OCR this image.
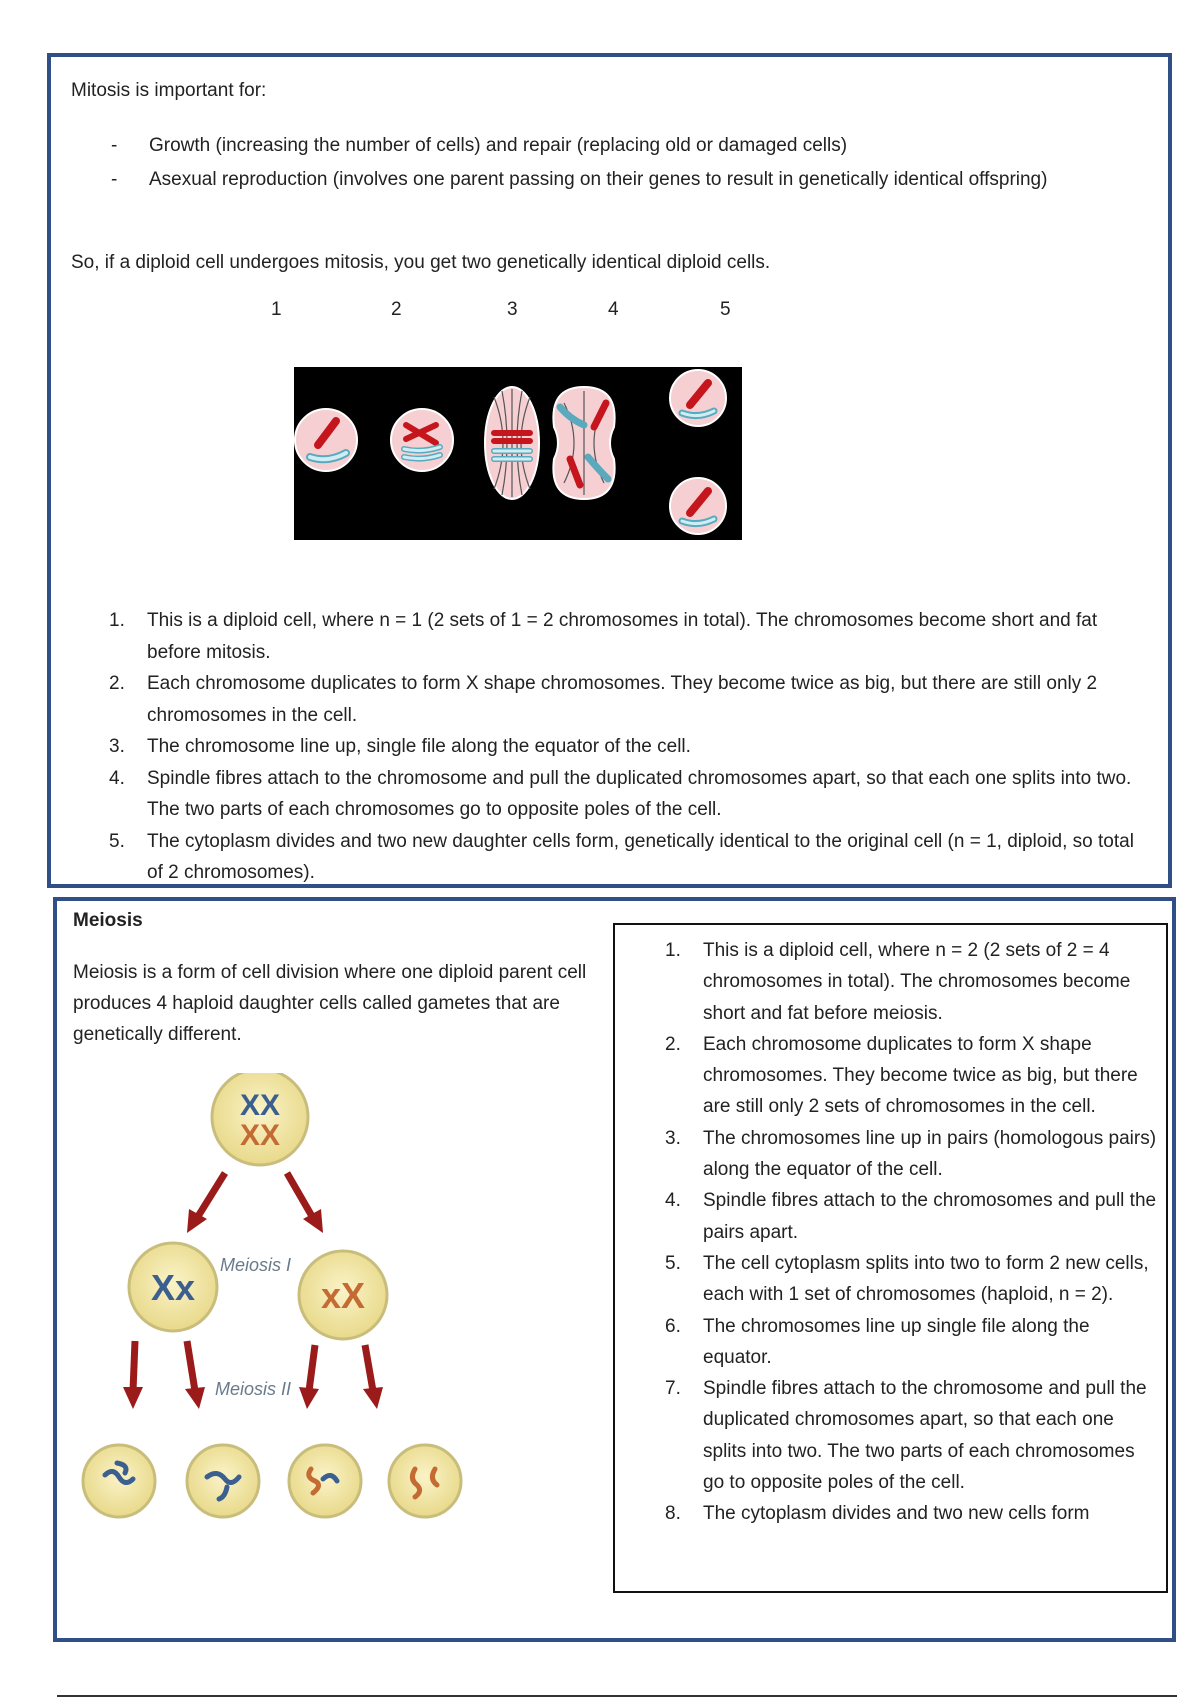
Mitosis is important for:

- Growth (increasing the number of cells) and repair (replacing old or damaged cells)
- Asexual reproduction (involves one parent passing on their genes to result in genetically identical offspring)

So, if a diploid cell undergoes mitosis, you get two genetically identical diploid cells.

1	2	3	4	5
1. This is a diploid cell, where n = 1 (2 sets of 1 = 2 chromosomes in total). The chromosomes become short and fat before mitosis.
2. Each chromosome duplicates to form X shape chromosomes. They become twice as big, but there are still only 2 chromosomes in the cell.
3. The chromosome line up, single file along the equator of the cell.
4. Spindle fibres attach to the chromosome and pull the duplicated chromosomes apart, so that each one splits into two. The two parts of each chromosomes go to opposite poles of the cell.
5. The cytoplasm divides and two new daughter cells form, genetically identical to the original cell (n = 1, diploid, so total of 2 chromosomes).

Meiosis

Meiosis is a form of cell division where one diploid parent cell produces 4 haploid daughter cells called gametes that are genetically different.

XX
XX
Meiosis I
Xx	xX
Meiosis II
1. This is a diploid cell, where n = 2 (2 sets of 2 = 4 chromosomes in total). The chromosomes become short and fat before meiosis.
2. Each chromosome duplicates to form X shape chromosomes. They become twice as big, but there are still only 2 sets of chromosomes in the cell.
3. The chromosomes line up in pairs (homologous pairs) along the equator of the cell.
4. Spindle fibres attach to the chromosomes and pull the pairs apart.
5. The cell cytoplasm splits into two to form 2 new cells, each with 1 set of chromosomes (haploid, n = 2).
6. The chromosomes line up single file along the equator.
7. Spindle fibres attach to the chromosome and pull the duplicated chromosomes apart, so that each one splits into two. The two parts of each chromosomes go to opposite poles of the cell.
8. The cytoplasm divides and two new cells form
